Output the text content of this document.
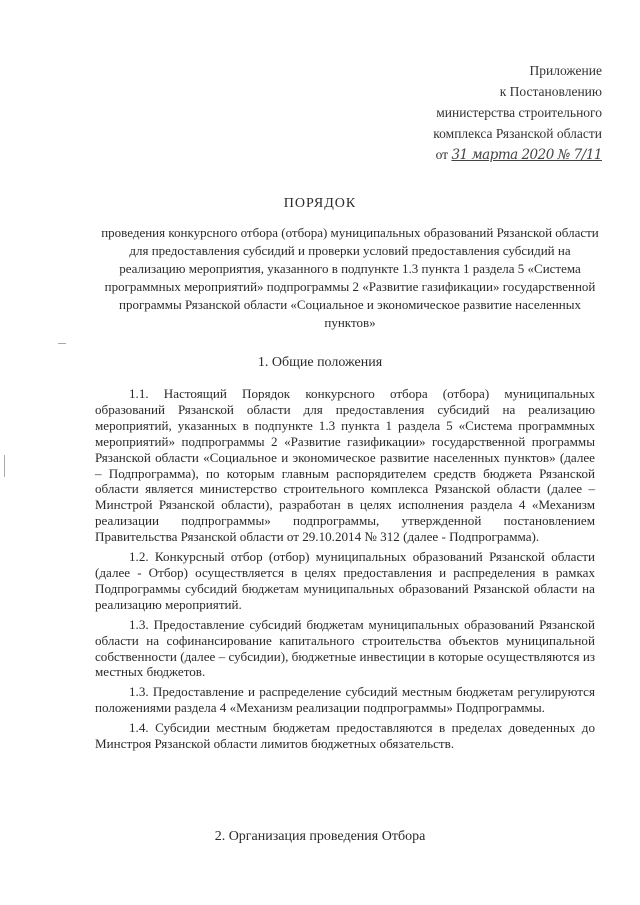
Приложение
к Постановлению
министерства строительного
комплекса Рязанской области
от 31 марта 2020 № 7/11
ПОРЯДОК
проведения конкурсного отбора (отбора) муниципальных образований Рязанской области для предоставления субсидий и проверки условий предоставления субсидий на реализацию мероприятия, указанного в подпункте 1.3 пункта 1 раздела 5 «Система программных мероприятий» подпрограммы 2 «Развитие газификации» государственной программы Рязанской области «Социальное и экономическое развитие населенных пунктов»
1. Общие положения

1.1. Настоящий Порядок конкурсного отбора (отбора) муниципальных образований Рязанской области для предоставления субсидий на реализацию мероприятий, указанных в подпункте 1.3 пункта 1 раздела 5 «Система программных мероприятий» подпрограммы 2 «Развитие газификации» государственной программы Рязанской области «Социальное и экономическое развитие населенных пунктов» (далее – Подпрограмма), по которым главным распорядителем средств бюджета Рязанской области является министерство строительного комплекса Рязанской области (далее – Минстрой Рязанской области), разработан в целях исполнения раздела 4 «Механизм реализации подпрограммы» подпрограммы, утвержденной постановлением Правительства Рязанской области от 29.10.2014 № 312 (далее - Подпрограмма).

1.2. Конкурсный отбор (отбор) муниципальных образований Рязанской области (далее - Отбор) осуществляется в целях предоставления и распределения в рамках Подпрограммы субсидий бюджетам муниципальных образований Рязанской области на реализацию мероприятий.

1.3. Предоставление субсидий бюджетам муниципальных образований Рязанской области на софинансирование капитального строительства объектов муниципальной собственности (далее – субсидии), бюджетные инвестиции в которые осуществляются из местных бюджетов.

1.3. Предоставление и распределение субсидий местным бюджетам регулируются положениями раздела 4 «Механизм реализации подпрограммы» Подпрограммы.

1.4. Субсидии местным бюджетам предоставляются в пределах доведенных до Минстроя Рязанской области лимитов бюджетных обязательств.

2. Организация проведения Отбора
